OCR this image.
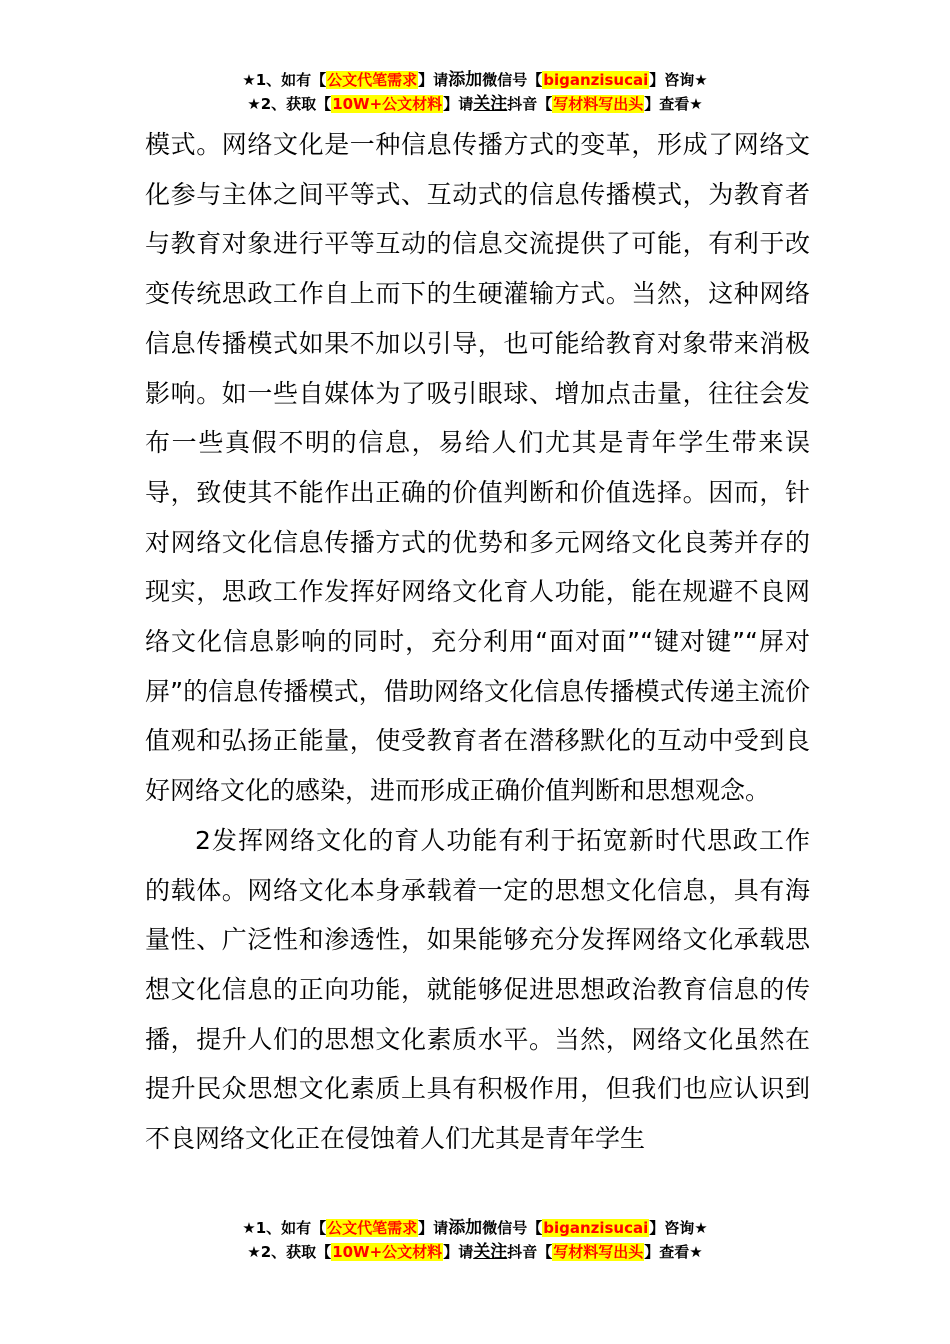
★1、如有【公文代笔需求】请添加微信号【biganzisucai】咨询★
★2、获取【10W+公文材料】请关注抖音【写材料写出头】查看★

模式。网络文化是一种信息传播方式的变革，形成了网络文化参与主体之间平等式、互动式的信息传播模式，为教育者与教育对象进行平等互动的信息交流提供了可能，有利于改变传统思政工作自上而下的生硬灌输方式。当然，这种网络信息传播模式如果不加以引导，也可能给教育对象带来消极影响。如一些自媒体为了吸引眼球、增加点击量，往往会发布一些真假不明的信息，易给人们尤其是青年学生带来误导，致使其不能作出正确的价值判断和价值选择。因而，针对网络文化信息传播方式的优势和多元网络文化良莠并存的现实，思政工作发挥好网络文化育人功能，能在规避不良网络文化信息影响的同时，充分利用“面对面”“键对键”“屏对屏”的信息传播模式，借助网络文化信息传播模式传递主流价值观和弘扬正能量，使受教育者在潜移默化的互动中受到良好网络文化的感染，进而形成正确价值判断和思想观念。

2发挥网络文化的育人功能有利于拓宽新时代思政工作的载体。网络文化本身承载着一定的思想文化信息，具有海量性、广泛性和渗透性，如果能够充分发挥网络文化承载思想文化信息的正向功能，就能够促进思想政治教育信息的传播，提升人们的思想文化素质水平。当然，网络文化虽然在提升民众思想文化素质上具有积极作用，但我们也应认识到不良网络文化正在侵蚀着人们尤其是青年学生

★1、如有【公文代笔需求】请添加微信号【biganzisucai】咨询★
★2、获取【10W+公文材料】请关注抖音【写材料写出头】查看★
